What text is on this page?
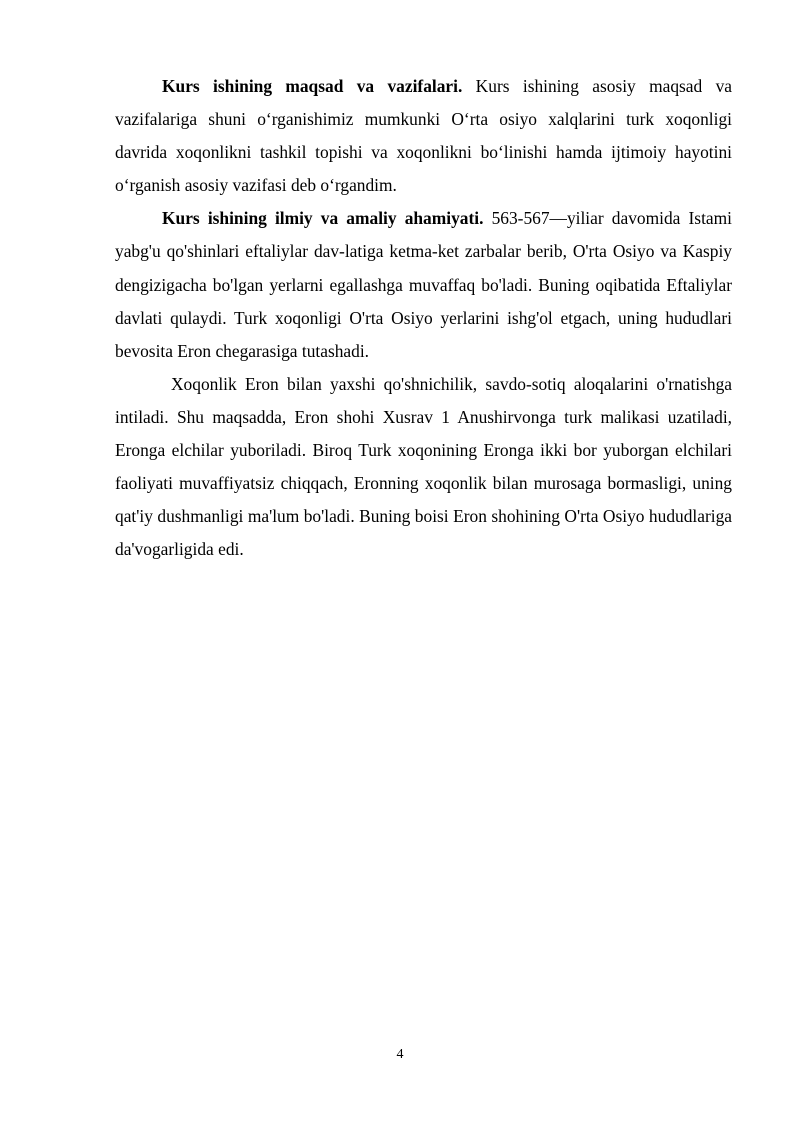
Kurs ishining maqsad va vazifalari. Kurs ishining asosiy maqsad va vazifalariga shuni o‘rganishimiz mumkunki O‘rta osiyo xalqlarini turk xoqonligi davrida xoqonlikni tashkil topishi va xoqonlikni bo‘linishi hamda ijtimoiy hayotini o‘rganish asosiy vazifasi deb o‘rgandim.

Kurs ishining ilmiy va amaliy ahamiyati. 563-567—yiliar davomida Istami yabg'u qo'shinlari eftaliylar dav-latiga ketma-ket zarbalar berib, O'rta Osiyo va Kaspiy dengizigacha bo'lgan yerlarni egallashga muvaffaq bo'ladi. Buning oqibatida Eftaliylar davlati qulaydi. Turk xoqonligi O'rta Osiyo yerlarini ishg'ol etgach, uning hududlari bevosita Eron chegarasiga tutashadi.

Xoqonlik Eron bilan yaxshi qo'shnichilik, savdo-sotiq aloqalarini o'rnatishga intiladi. Shu maqsadda, Eron shohi Xusrav 1 Anushirvonga turk malikasi uzatiladi, Eronga elchilar yuboriladi. Biroq Turk xoqonining Eronga ikki bor yuborgan elchilari faoliyati muvaffiyatsiz chiqqach, Eronning xoqonlik bilan murosaga bormasligi, uning qat'iy dushmanligi ma'lum bo'ladi. Buning boisi Eron shohining O'rta Osiyo hududlariga da'vogarligida edi.

4
